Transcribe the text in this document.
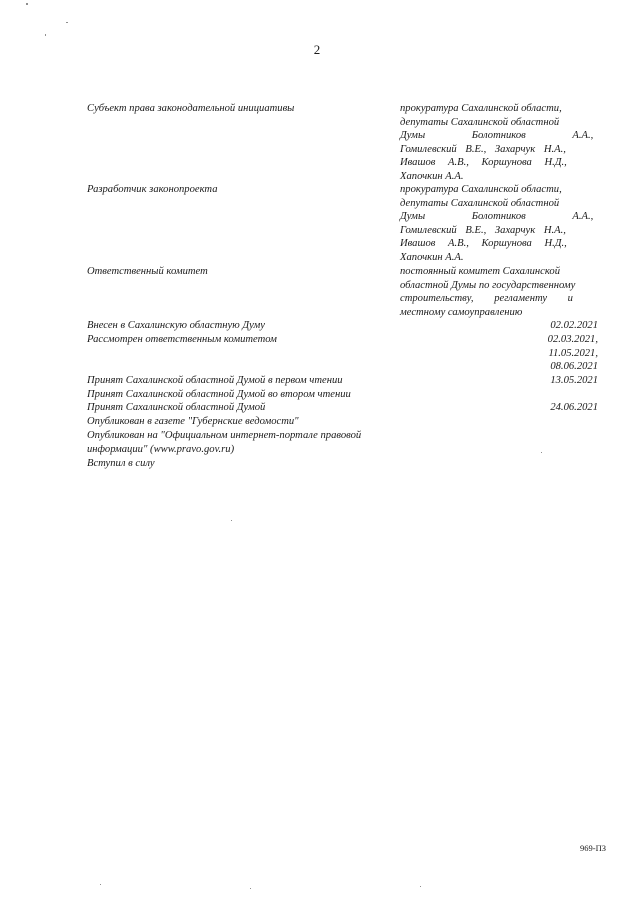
2
Субъект права законодательной инициативы	прокуратура Сахалинской области,

депутаты Сахалинской областной

Думы Болотников А.А.,

Гомилевский В.Е., Захарчук Н.А.,

Ивашов А.В., Коршунова Н.Д.,

Хапочкин А.А.

Разработчик законопроекта	прокуратура Сахалинской области,

депутаты Сахалинской областной

Думы Болотников А.А.,

Гомилевский В.Е., Захарчук Н.А.,

Ивашов А.В., Коршунова Н.Д.,

Хапочкин А.А.

Ответственный комитет	постоянный комитет Сахалинской

областной Думы по государственному

строительству, регламенту и

местному самоуправлению

Внесен в Сахалинскую областную Думу	02.02.2021
Рассмотрен ответственным комитетом	02.03.2021,

11.05.2021,

08.06.2021

Принят Сахалинской областной Думой в первом чтении	13.05.2021
Принят Сахалинской областной Думой во втором чтении
Принят Сахалинской областной Думой	24.06.2021
Опубликован в газете "Губернские ведомости"

Опубликован на "Официальном интернет-портале правовой

информации" (www.pravo.gov.ru)

Вступил в силу
969-ПЗ
